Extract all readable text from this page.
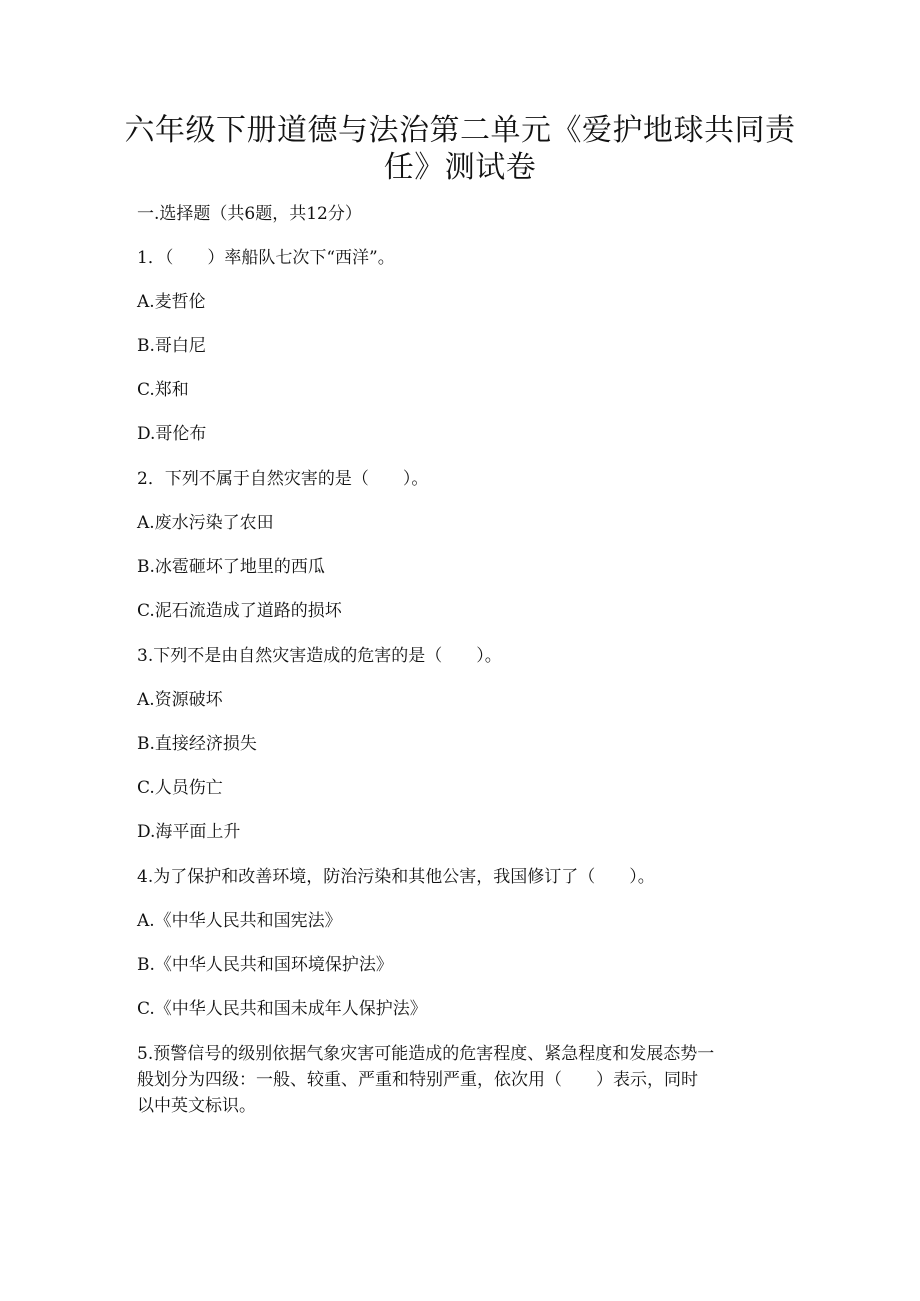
六年级下册道德与法治第二单元《爱护地球共同责
任》测试卷

一.选择题（共6题，共12分）

1．（　　）率船队七次下“西洋”。

A.麦哲伦

B.哥白尼

C.郑和

D.哥伦布

2．下列不属于自然灾害的是（　　）。

A.废水污染了农田

B.冰雹砸坏了地里的西瓜

C.泥石流造成了道路的损坏

3.下列不是由自然灾害造成的危害的是（　　）。

A.资源破坏

B.直接经济损失

C.人员伤亡

D.海平面上升

4.为了保护和改善环境，防治污染和其他公害，我国修订了（　　）。

A.《中华人民共和国宪法》

B.《中华人民共和国环境保护法》

C.《中华人民共和国未成年人保护法》

5.预警信号的级别依据气象灾害可能造成的危害程度、紧急程度和发展态势一
般划分为四级：一般、较重、严重和特别严重，依次用（　　）表示，同时
以中英文标识。
